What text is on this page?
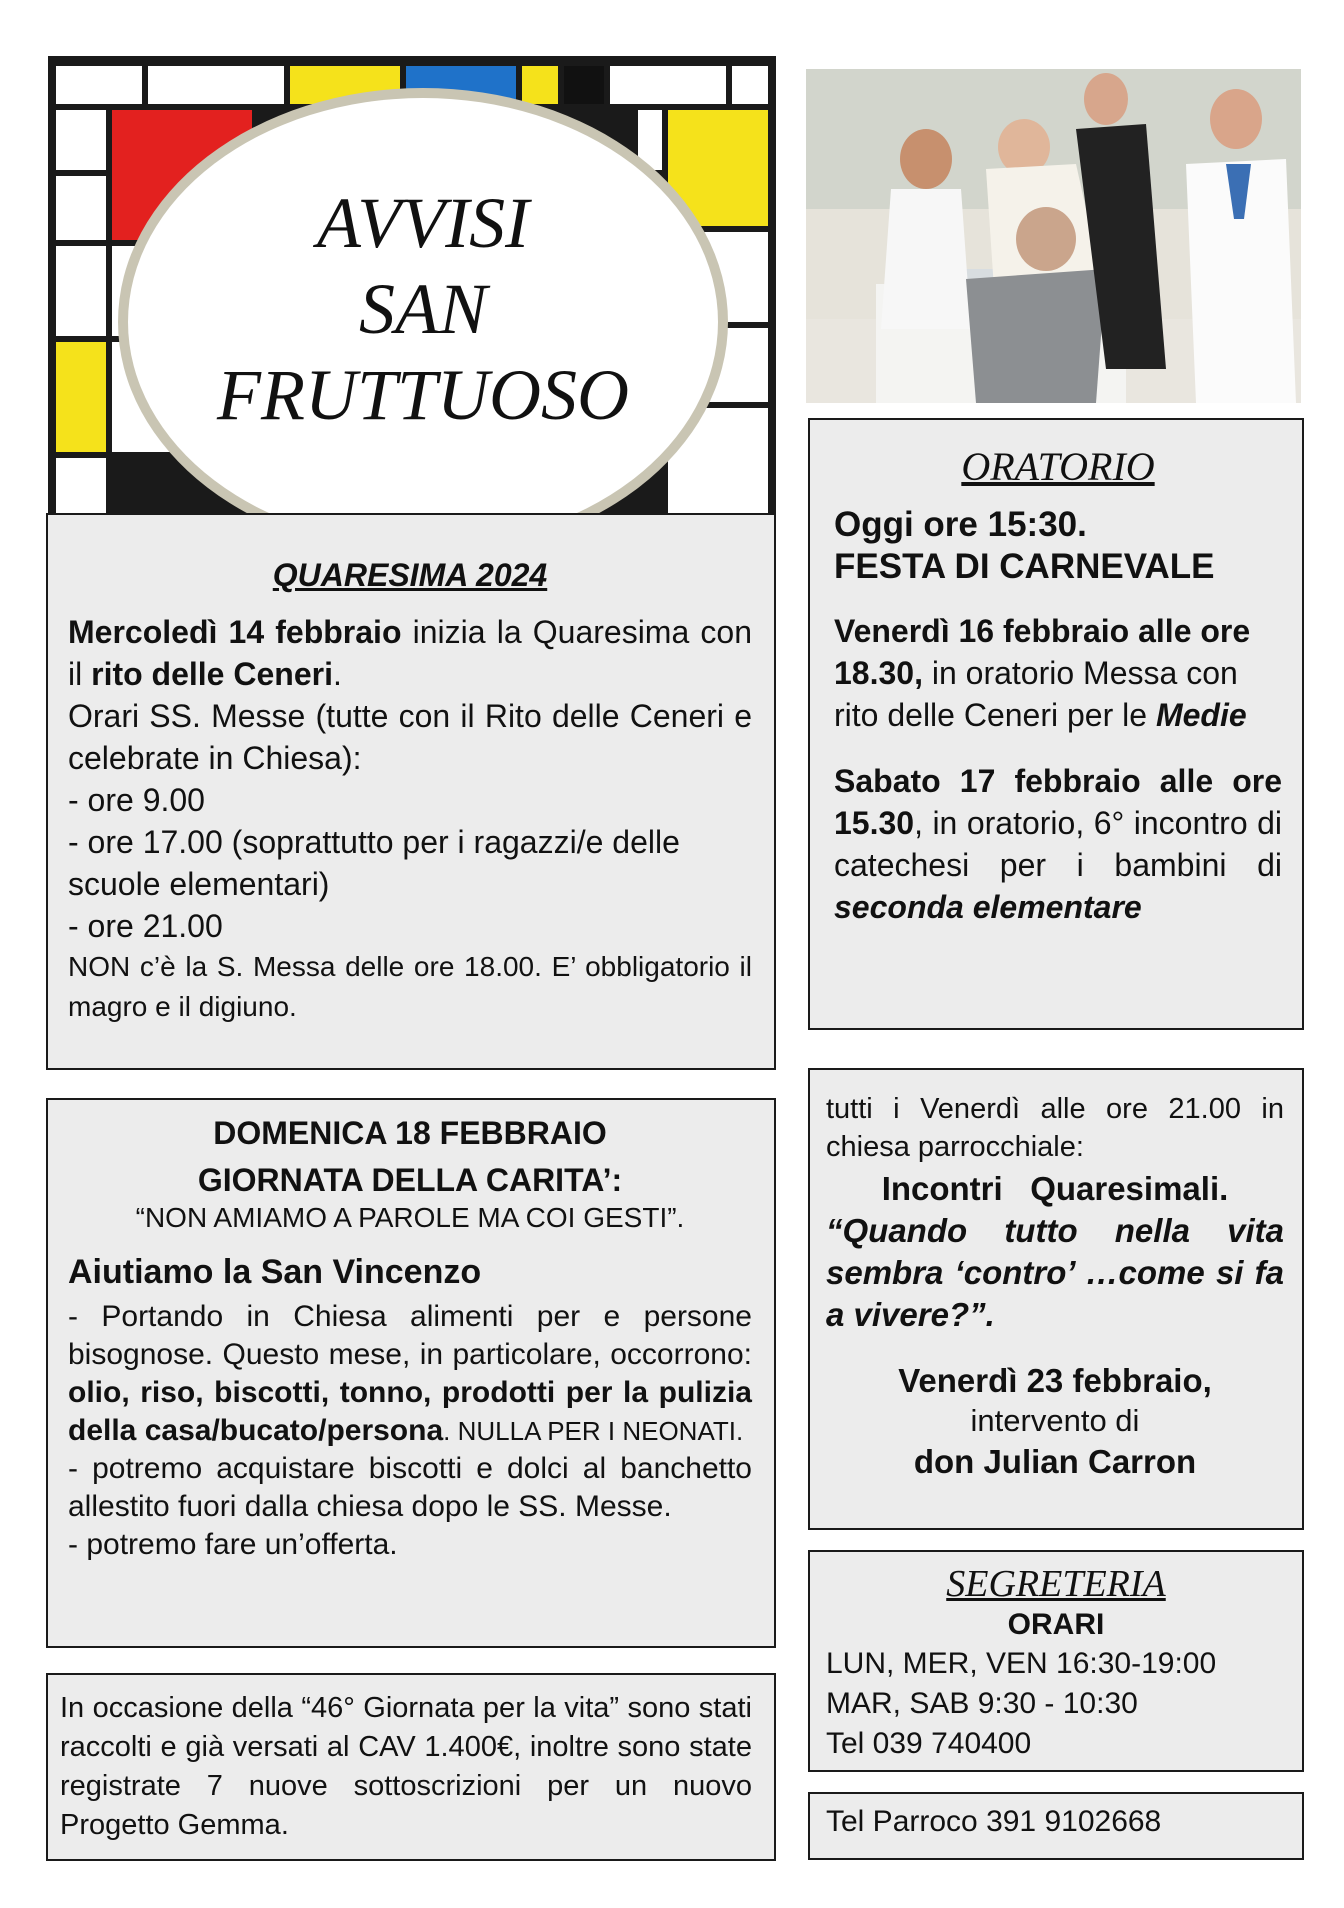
AVVISI
SAN
FRUTTUOSO
QUARESIMA 2024
Mercoledì 14 febbraio inizia la Quaresima con il rito delle Ceneri.
Orari SS. Messe (tutte con il Rito delle Ceneri e celebrate in Chiesa):
- ore 9.00
- ore 17.00 (soprattutto per i ragazzi/e delle scuole elementari)
- ore 21.00
NON c’è la S. Messa delle ore 18.00. E’ obbligatorio il magro e il digiuno.
DOMENICA 18 FEBBRAIO
GIORNATA DELLA CARITA’:
“NON AMIAMO A PAROLE MA COI GESTI”.
Aiutiamo la San Vincenzo
- Portando in Chiesa alimenti per e persone bisognose. Questo mese, in particolare, occorrono: olio, riso, biscotti, tonno, prodotti per la pulizia della casa/bucato/persona. NULLA PER I NEONATI.
- potremo acquistare biscotti e dolci al banchetto allestito fuori dalla chiesa dopo le SS. Messe.
- potremo fare un’offerta.
In occasione della “46° Giornata per la vita” sono stati raccolti e già versati al CAV 1.400€, inoltre sono state registrate 7 nuove sottoscrizioni per un nuovo Progetto Gemma.
ORATORIO
Oggi ore 15:30.
FESTA DI CARNEVALE
Venerdì 16 febbraio alle ore 18.30, in oratorio Messa con rito delle Ceneri per le Medie
Sabato 17 febbraio alle ore 15.30, in oratorio, 6° incontro di catechesi per i bambini di seconda elementare
tutti i Venerdì alle ore 21.00 in chiesa parrocchiale:
Incontri   Quaresimali.
“Quando tutto nella vita sembra ‘contro’ …come si fa a vivere?”.
Venerdì 23 febbraio,
intervento di
don Julian Carron
SEGRETERIA
ORARI
LUN, MER, VEN 16:30-19:00
MAR, SAB 9:30 - 10:30
Tel 039 740400
Tel Parroco 391 9102668
